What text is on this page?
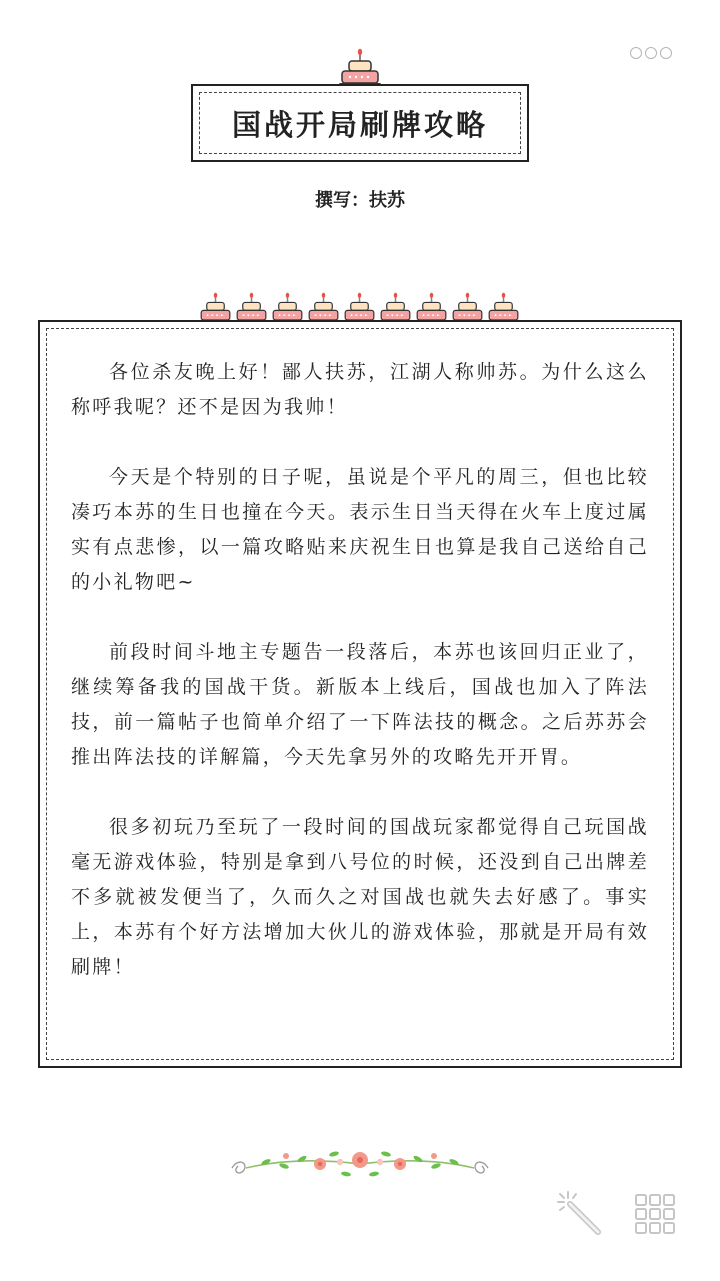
国战开局刷牌攻略
撰写：扶苏

各位杀友晚上好！鄙人扶苏，江湖人称帅苏。为什么这么称呼我呢？还不是因为我帅！

今天是个特别的日子呢，虽说是个平凡的周三，但也比较凑巧本苏的生日也撞在今天。表示生日当天得在火车上度过属实有点悲惨，以一篇攻略贴来庆祝生日也算是我自己送给自己的小礼物吧~

前段时间斗地主专题告一段落后，本苏也该回归正业了，继续筹备我的国战干货。新版本上线后，国战也加入了阵法技，前一篇帖子也简单介绍了一下阵法技的概念。之后苏苏会推出阵法技的详解篇，今天先拿另外的攻略先开开胃。

很多初玩乃至玩了一段时间的国战玩家都觉得自己玩国战毫无游戏体验，特别是拿到八号位的时候，还没到自己出牌差不多就被发便当了，久而久之对国战也就失去好感了。事实上，本苏有个好方法增加大伙儿的游戏体验，那就是开局有效刷牌！
